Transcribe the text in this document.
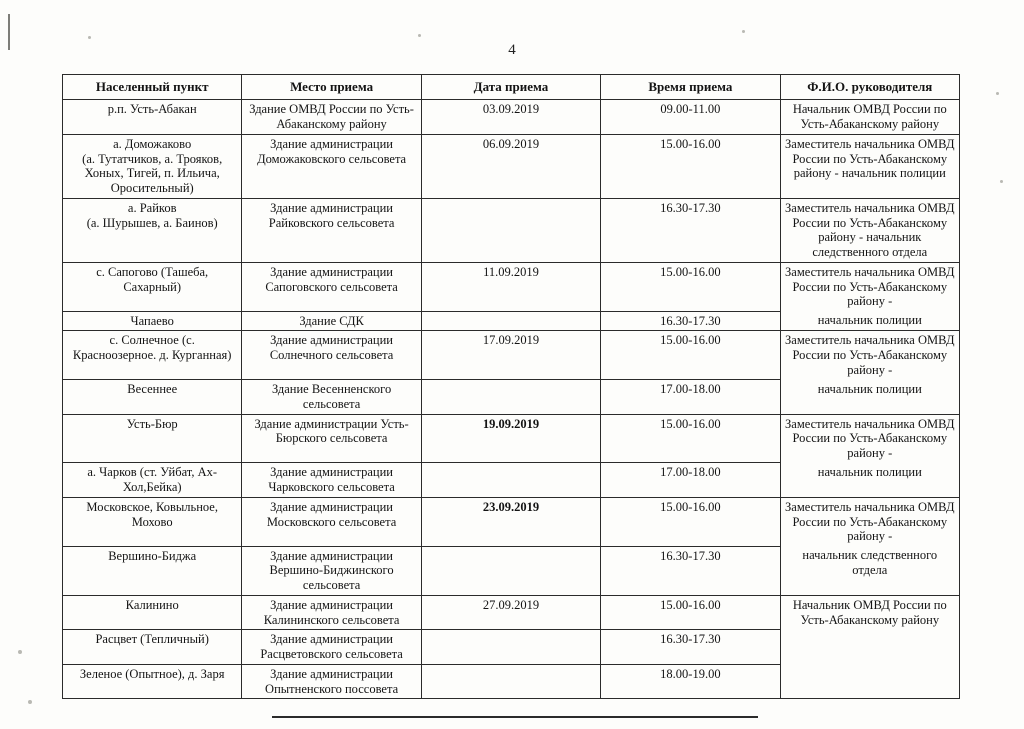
4
Населенный пункт	Место приема	Дата приема	Время приема	Ф.И.О. руководителя

р.п. Усть-Абакан	Здание ОМВД России по Усть-Абаканскому району	03.09.2019	09.00-11.00	Начальник ОМВД России по Усть-Абаканскому району

а. Доможаково
(а. Тутатчиков, а. Трояков, Хоных, Тигей, п. Ильича, Оросительный)	Здание администрации Доможаковского сельсовета	06.09.2019	15.00-16.00	Заместитель начальника ОМВД России по Усть-Абаканскому району - начальник полиции

а. Райков
(а. Шурышев, а. Баинов)	Здание администрации Райковского сельсовета		16.30-17.30	Заместитель начальника ОМВД России по Усть-Абаканскому району - начальник следственного отдела

с. Сапогово (Ташеба, Сахарный)	Здание администрации Сапоговского сельсовета	11.09.2019	15.00-16.00	Заместитель начальника ОМВД России по Усть-Абаканскому району -

Чапаево	Здание СДК		16.30-17.30	начальник полиции

с. Солнечное (с. Красноозерное. д. Курганная)	Здание администрации Солнечного сельсовета	17.09.2019	15.00-16.00	Заместитель начальника ОМВД России по Усть-Абаканскому району -

Весеннее	Здание Весенненского сельсовета		17.00-18.00	начальник полиции

Усть-Бюр	Здание администрации Усть-Бюрского сельсовета	19.09.2019	15.00-16.00	Заместитель начальника ОМВД России по Усть-Абаканскому району -

а. Чарков (ст. Уйбат, Ах-Хол,Бейка)	Здание администрации Чарковского сельсовета		17.00-18.00	начальник полиции

Московское, Ковыльное, Мохово	Здание администрации Московского сельсовета	23.09.2019	15.00-16.00	Заместитель начальника ОМВД России по Усть-Абаканскому району -

Вершино-Биджа	Здание администрации Вершино-Биджинского сельсовета		16.30-17.30	начальник следственного отдела

Калинино	Здание администрации Калининского сельсовета	27.09.2019	15.00-16.00	Начальник ОМВД России по Усть-Абаканскому району

Расцвет (Тепличный)	Здание администрации Расцветовского сельсовета		16.30-17.30	

Зеленое (Опытное), д. Заря	Здание администрации Опытненского поссовета		18.00-19.00	
